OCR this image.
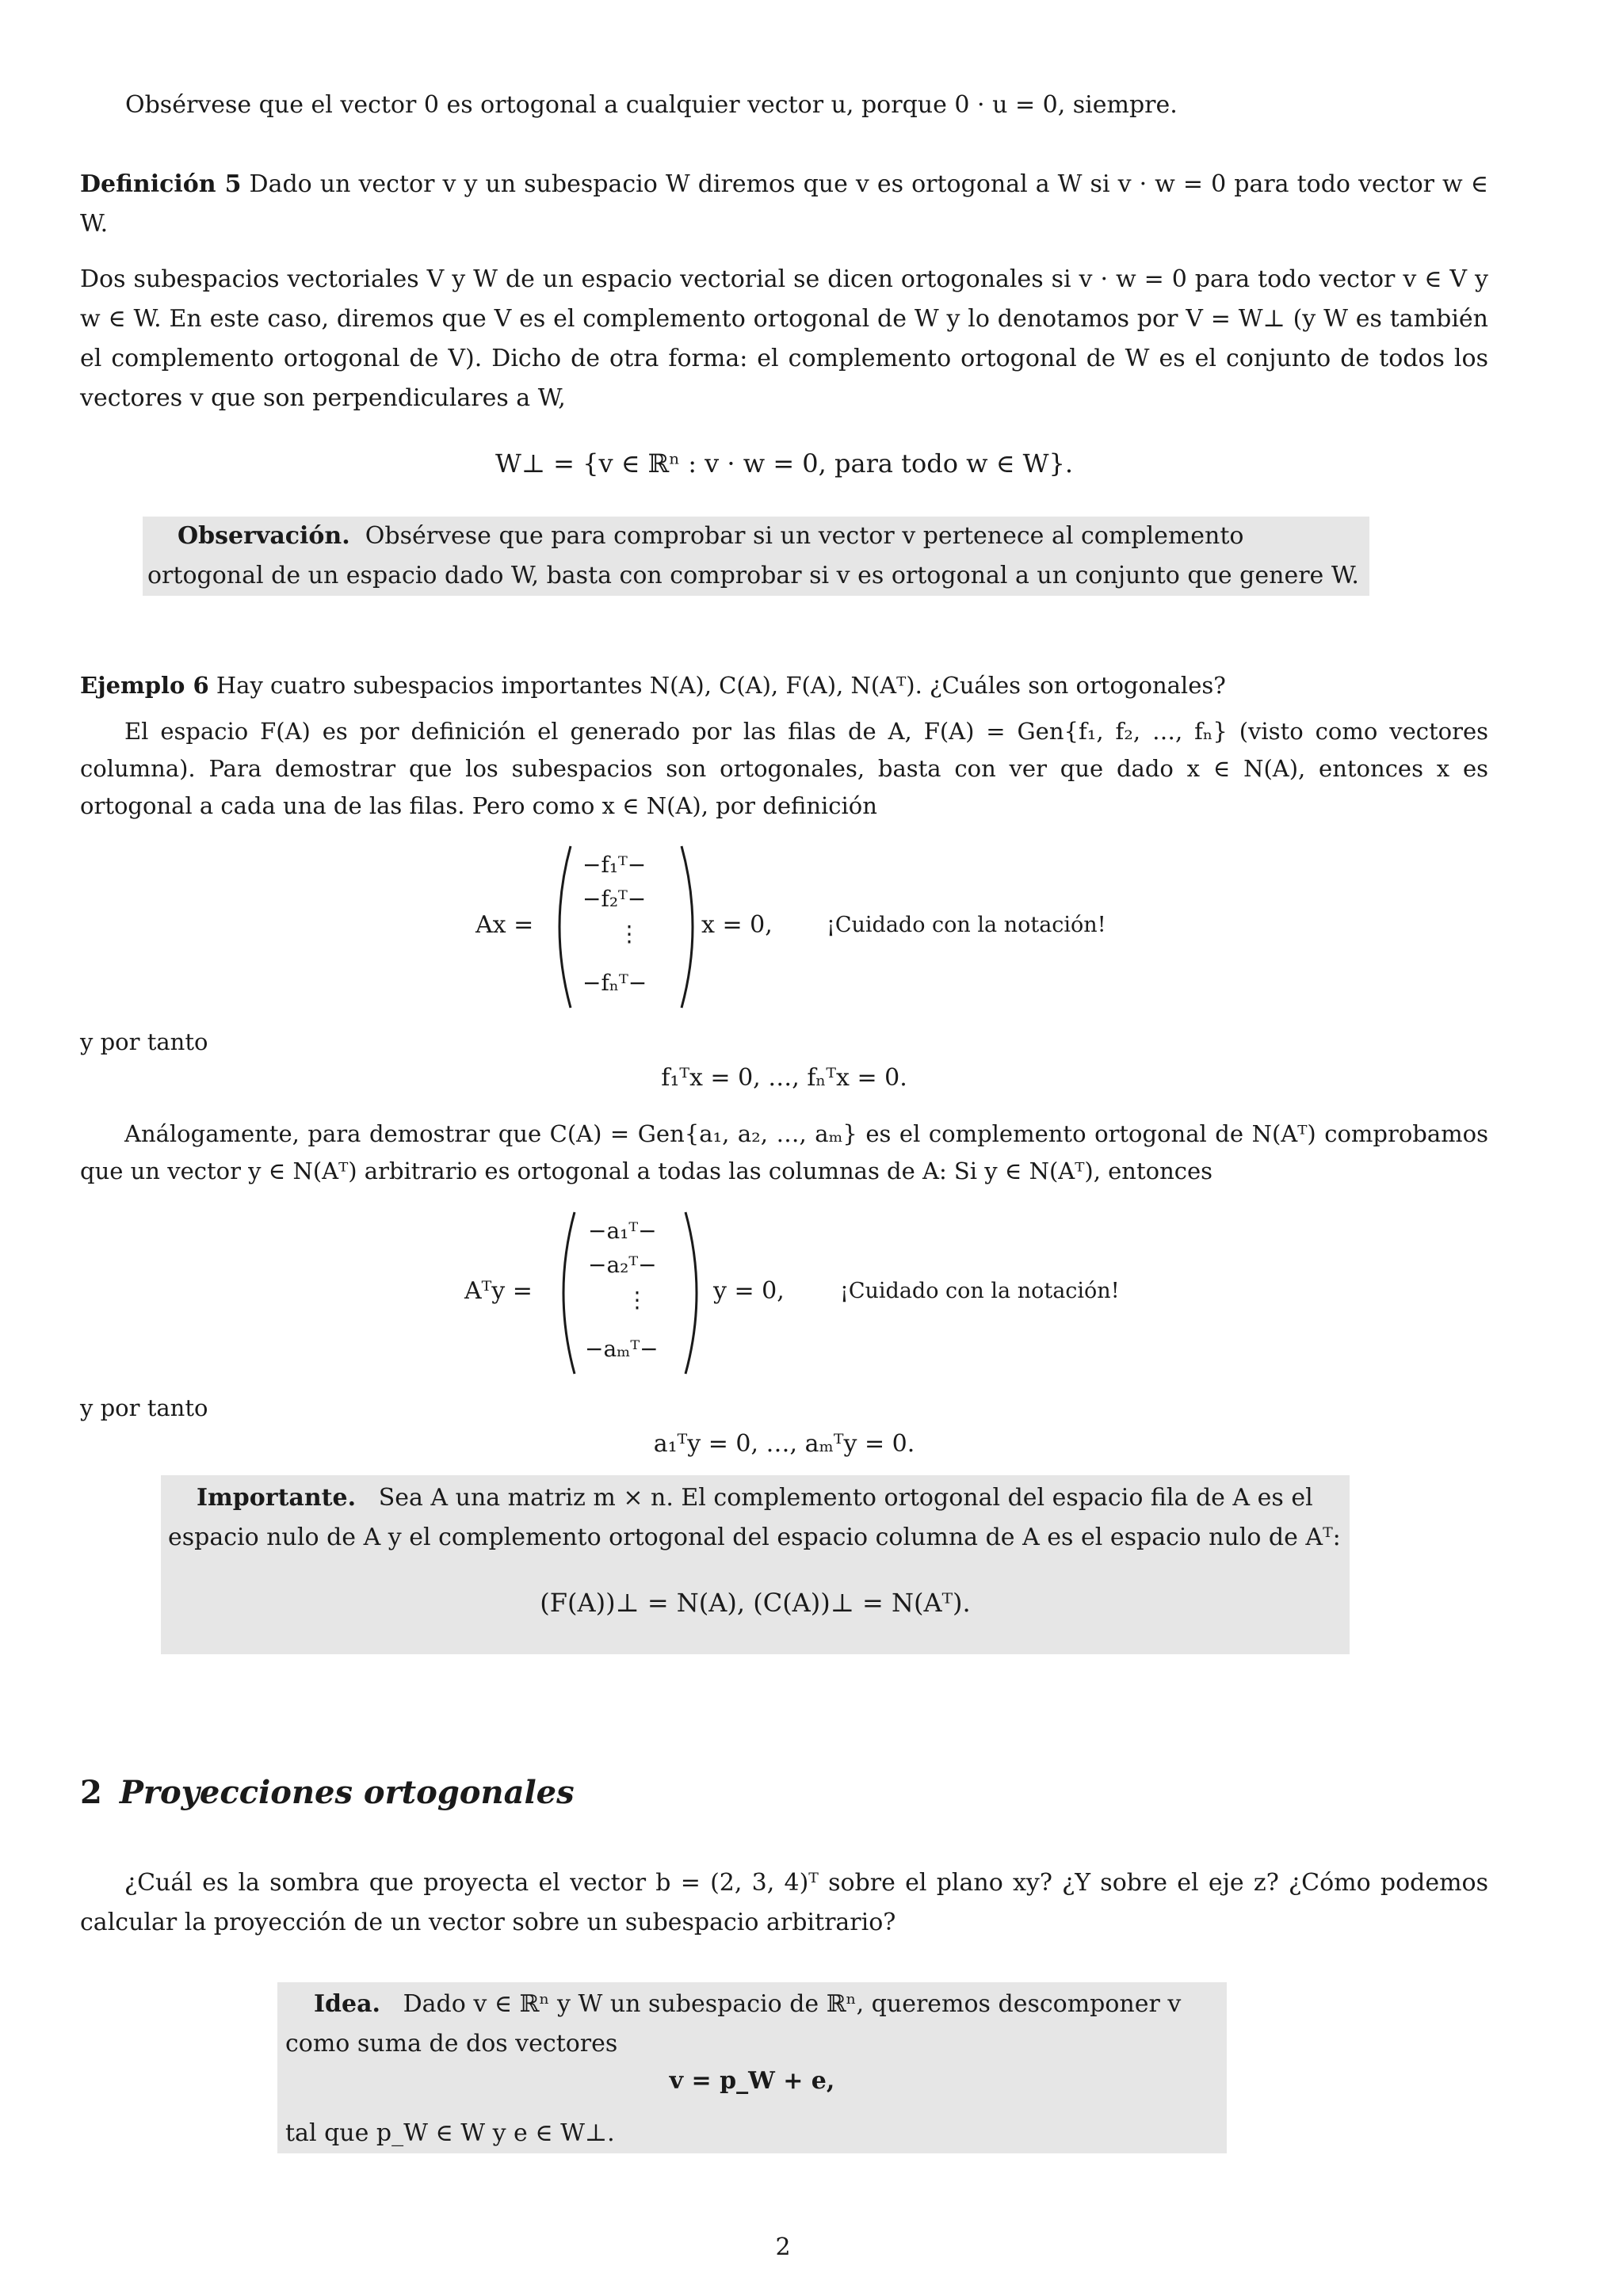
Obsérvese que el vector 0 es ortogonal a cualquier vector u, porque 0 · u = 0, siempre.

Definición 5 Dado un vector v y un subespacio W diremos que v es ortogonal a W si v · w = 0 para todo vector w ∈ W.

Dos subespacios vectoriales V y W de un espacio vectorial se dicen ortogonales si v · w = 0 para todo vector v ∈ V y w ∈ W. En este caso, diremos que V es el complemento ortogonal de W y lo denotamos por V = W⊥ (y W es también el complemento ortogonal de V). Dicho de otra forma: el complemento ortogonal de W es el conjunto de todos los vectores v que son perpendiculares a W,

W⊥ = {v ∈ ℝⁿ : v · w = 0, para todo w ∈ W}.

Observación. Obsérvese que para comprobar si un vector v pertenece al complemento ortogonal de un espacio dado W, basta con comprobar si v es ortogonal a un conjunto que genere W.

Ejemplo 6 Hay cuatro subespacios importantes N(A), C(A), F(A), N(Aᵀ). ¿Cuáles son ortogonales?

El espacio F(A) es por definición el generado por las filas de A, F(A) = Gen{f₁, f₂, …, fₙ} (visto como vectores columna). Para demostrar que los subespacios son ortogonales, basta con ver que dado x ∈ N(A), entonces x es ortogonal a cada una de las filas. Pero como x ∈ N(A), por definición

Ax =
−f₁ᵀ−
−f₂ᵀ−
⋮
−fₙᵀ−
x = 0,	¡Cuidado con la notación!

y por tanto

f₁ᵀx = 0, …, fₙᵀx = 0.

Análogamente, para demostrar que C(A) = Gen{a₁, a₂, …, aₘ} es el complemento ortogonal de N(Aᵀ) comprobamos que un vector y ∈ N(Aᵀ) arbitrario es ortogonal a todas las columnas de A: Si y ∈ N(Aᵀ), entonces

Aᵀy =
−a₁ᵀ−
−a₂ᵀ−
⋮
−aₘᵀ−
y = 0,	¡Cuidado con la notación!

y por tanto

a₁ᵀy = 0, …, aₘᵀy = 0.

Importante. Sea A una matriz m × n. El complemento ortogonal del espacio fila de A es el espacio nulo de A y el complemento ortogonal del espacio columna de A es el espacio nulo de Aᵀ:

(F(A))⊥ = N(A), (C(A))⊥ = N(Aᵀ).
2 Proyecciones ortogonales

¿Cuál es la sombra que proyecta el vector b = (2, 3, 4)ᵀ sobre el plano xy? ¿Y sobre el eje z? ¿Cómo podemos calcular la proyección de un vector sobre un subespacio arbitrario?

Idea. Dado v ∈ ℝⁿ y W un subespacio de ℝⁿ, queremos descomponer v como suma de dos vectores

v = p_W + e,

tal que p_W ∈ W y e ∈ W⊥.

2
